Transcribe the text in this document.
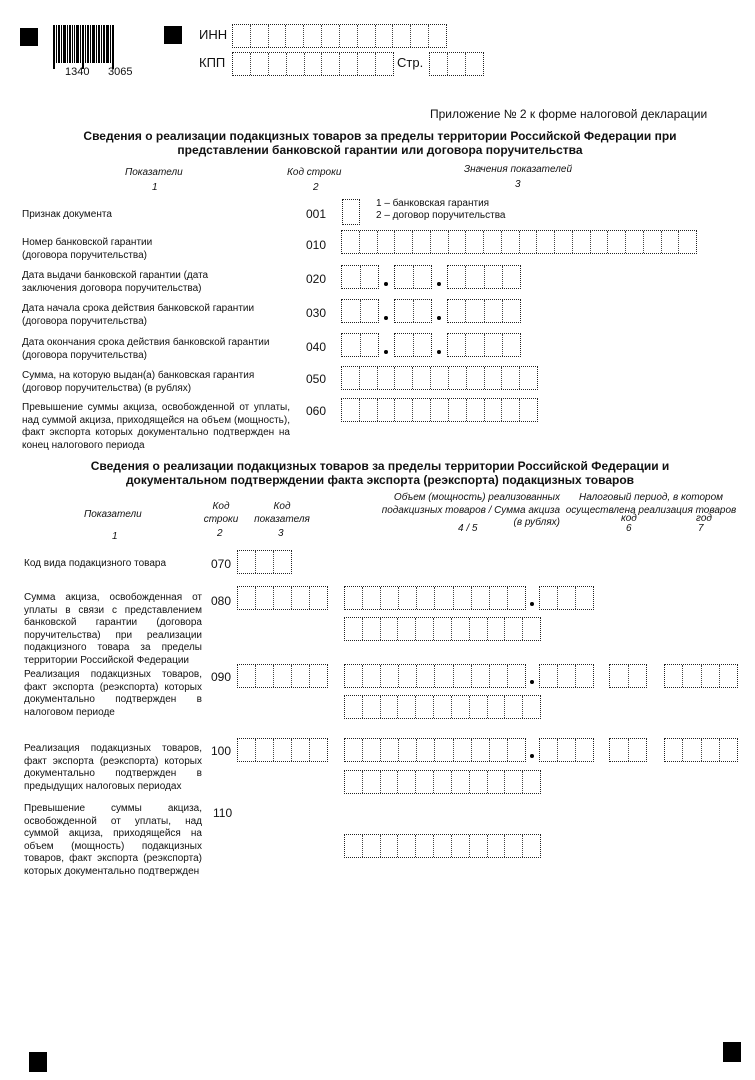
1340 3065
ИНН
КПП	Стр.
Приложение № 2 к форме налоговой декларации
Сведения о реализации подакцизных товаров за пределы территории Российской Федерации при представлении банковской гарантии или договора поручительства
Показатели
1
Код строки
2
Значения показателей
3
Признак документа	001
1 – банковская гарантия
2 – договор поручительства
Номер банковской гарантии (договора поручительства)
010
Дата выдачи банковской гарантии (дата заключения договора поручительства)
020
Дата начала срока действия банковской гарантии (договора поручительства)
030
Дата окончания срока действия банковской гарантии (договора поручительства)
040
Сумма, на которую выдан(а) банковская гарантия (договор поручительства) (в рублях)
050
Превышение суммы акциза, освобожденной от уплаты, над суммой акциза, приходящейся на объем (мощность), факт экспорта которых документально подтвержден на конец налогового периода
060
Сведения о реализации подакцизных товаров за пределы территории Российской Федерации и документальном подтверждении факта экспорта (реэкспорта) подакцизных товаров
Показатели
1
Код строки
2
Код показателя
3
Объем (мощность) реализованных подакцизных товаров / Сумма акциза (в рублях)
4 / 5
Налоговый период, в котором осуществлена реализация товаров
код
6
год
7
Код вида подакцизного товара	070
Сумма акциза, освобожденная от уплаты в связи с представлением банковской гарантии (договора поручительства) при реализации подакцизного товара за пределы территории Российской Федерации
080
Реализация подакцизных товаров, факт экспорта (реэкспорта) которых документально подтвержден в налоговом периоде
090
Реализация подакцизных товаров, факт экспорта (реэкспорта) которых документально подтвержден в предыдущих налоговых периодах
100
Превышение суммы акциза, освобожденной от уплаты, над суммой акциза, приходящейся на объем (мощность) подакцизных товаров, факт экспорта (реэкспорта) которых документально подтвержден
110
